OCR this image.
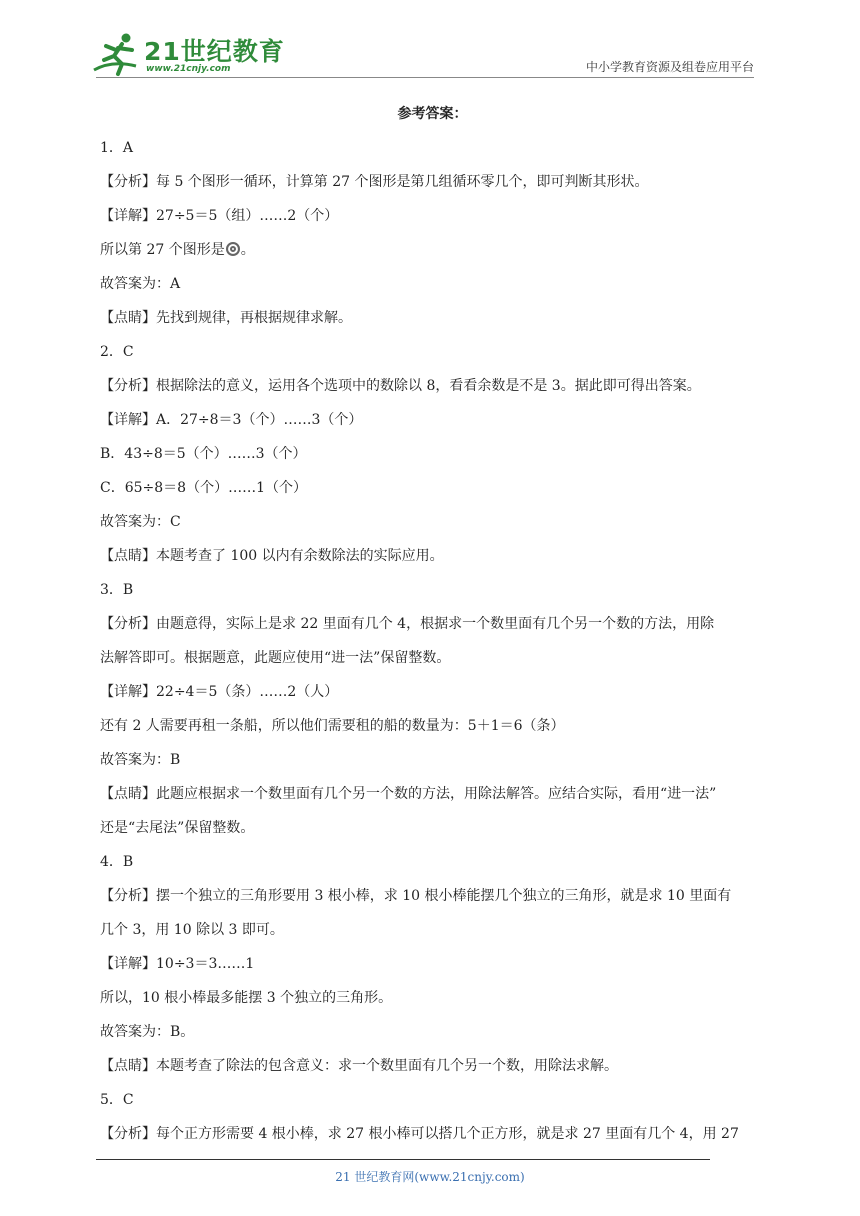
21世纪教育
www.21cnjy.com	中小学教育资源及组卷应用平台
参考答案：
1．A
【分析】每 5 个图形一循环，计算第 27 个图形是第几组循环零几个，即可判断其形状。
【详解】27÷5＝5（组）……2（个）
所以第 27 个图形是 。
故答案为：A
【点睛】先找到规律，再根据规律求解。
2．C
【分析】根据除法的意义，运用各个选项中的数除以 8，看看余数是不是 3。据此即可得出答案。
【详解】A．27÷8＝3（个）……3（个）
B．43÷8＝5（个）……3（个）
C．65÷8＝8（个）……1（个）
故答案为：C
【点睛】本题考查了 100 以内有余数除法的实际应用。
3．B
【分析】由题意得，实际上是求 22 里面有几个 4，根据求一个数里面有几个另一个数的方法，用除
法解答即可。根据题意，此题应使用“进一法”保留整数。
【详解】22÷4＝5（条）……2（人）
还有 2 人需要再租一条船，所以他们需要租的船的数量为：5＋1＝6（条）
故答案为：B
【点睛】此题应根据求一个数里面有几个另一个数的方法，用除法解答。应结合实际，看用“进一法”
还是“去尾法”保留整数。
4．B
【分析】摆一个独立的三角形要用 3 根小棒，求 10 根小棒能摆几个独立的三角形，就是求 10 里面有
几个 3，用 10 除以 3 即可。
【详解】10÷3＝3……1
所以，10 根小棒最多能摆 3 个独立的三角形。
故答案为：B。
【点睛】本题考查了除法的包含意义：求一个数里面有几个另一个数，用除法求解。
5．C
【分析】每个正方形需要 4 根小棒，求 27 根小棒可以搭几个正方形，就是求 27 里面有几个 4，用 27
21 世纪教育网(www.21cnjy.com)
